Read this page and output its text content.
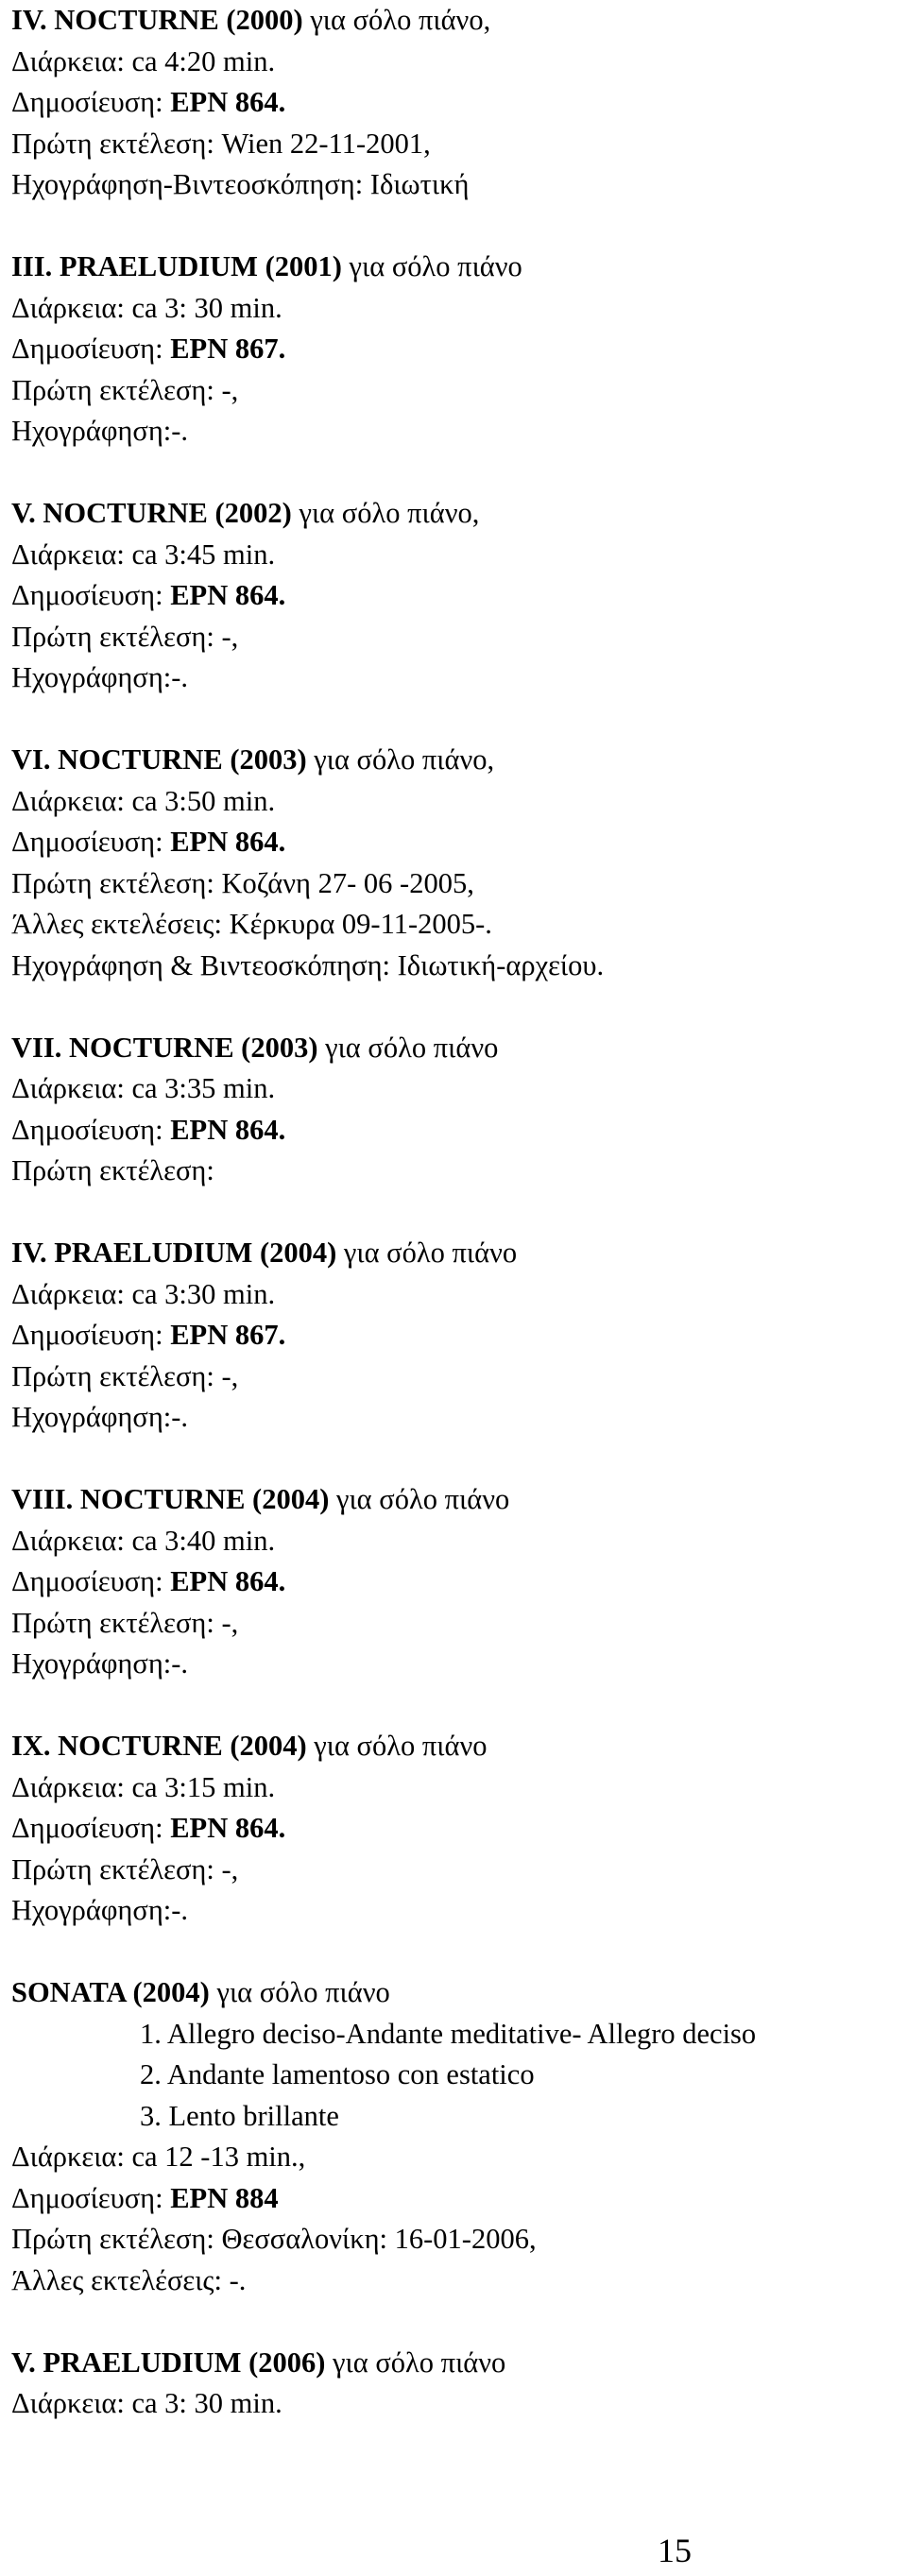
IV. NOCTURNE (2000) για σόλο πιάνο,
Διάρκεια: ca 4:20 min.
Δημοσίευση: EPN 864.
Πρώτη εκτέλεση: Wien 22-11-2001,
Ηχογράφηση-Βιντεοσκόπηση: Ιδιωτική
III. PRAELUDIUM (2001) για σόλο πιάνο
Διάρκεια: ca 3: 30 min.
Δημοσίευση: EPN 867.
Πρώτη εκτέλεση: -,
Ηχογράφηση:-.
V. NOCTURNE (2002) για σόλο πιάνο,
Διάρκεια: ca 3:45 min.
Δημοσίευση: EPN 864.
Πρώτη εκτέλεση: -,
Ηχογράφηση:-.
VI. NOCTURNE (2003) για σόλο πιάνο,
Διάρκεια: ca 3:50 min.
Δημοσίευση: EPN 864.
Πρώτη εκτέλεση: Κοζάνη 27- 06 -2005,
Άλλες εκτελέσεις: Κέρκυρα 09-11-2005-.
Ηχογράφηση & Βιντεοσκόπηση: Ιδιωτική-αρχείου.
VII. NOCTURNE (2003) για σόλο πιάνο
Διάρκεια: ca 3:35 min.
Δημοσίευση: EPN 864.
Πρώτη εκτέλεση:
IV. PRAELUDIUM (2004) για σόλο πιάνο
Διάρκεια: ca 3:30 min.
Δημοσίευση: EPN 867.
Πρώτη εκτέλεση: -,
Ηχογράφηση:-.
VIII. NOCTURNE (2004) για σόλο πιάνο
Διάρκεια: ca 3:40 min.
Δημοσίευση: EPN 864.
Πρώτη εκτέλεση: -,
Ηχογράφηση:-.
IX. NOCTURNE (2004) για σόλο πιάνο
Διάρκεια: ca 3:15 min.
Δημοσίευση: EPN 864.
Πρώτη εκτέλεση: -,
Ηχογράφηση:-.
SONATA (2004) για σόλο πιάνο
1. Allegro deciso-Andante meditative- Allegro deciso
2. Andante lamentoso con estatico
3. Lento brillante
Διάρκεια: ca 12 -13 min.,
Δημοσίευση: EPN 884
Πρώτη εκτέλεση: Θεσσαλονίκη: 16-01-2006,
Άλλες εκτελέσεις: -.
V. PRAELUDIUM (2006) για σόλο πιάνο
Διάρκεια: ca 3: 30 min.
15
